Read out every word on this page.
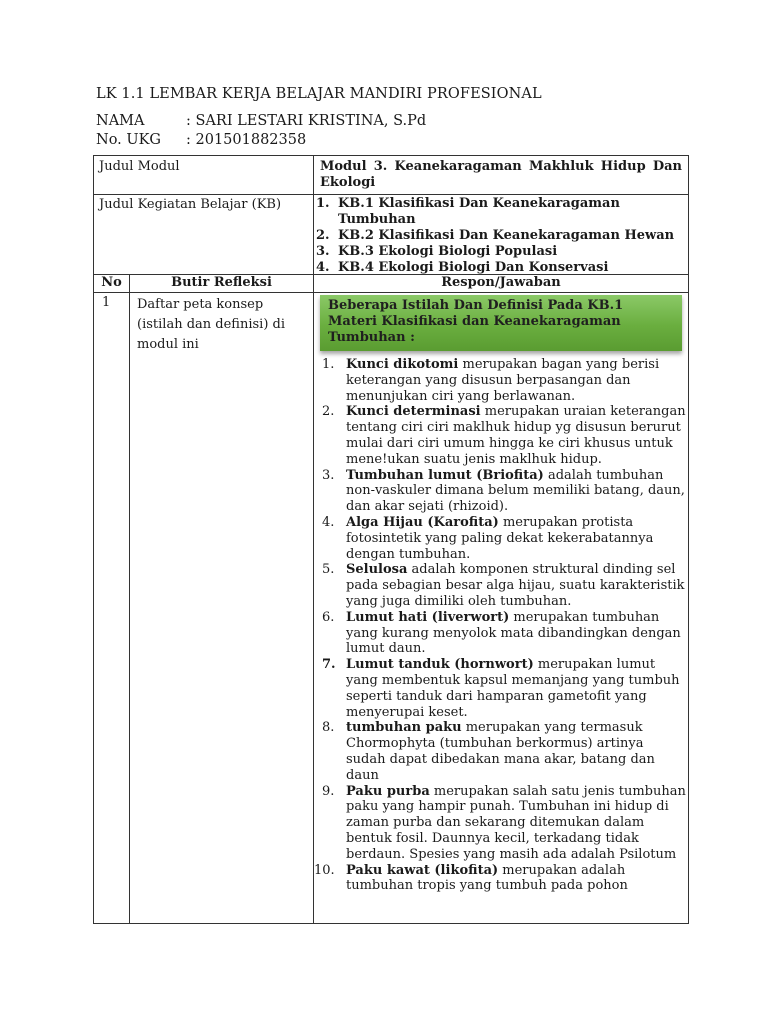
LK 1.1 LEMBAR KERJA BELAJAR MANDIRI PROFESIONAL
NAMA	: SARI LESTARI KRISTINA, S.Pd
No. UKG : 201501882358
Judul Modul	Modul 3. Keanekaragaman Makhluk Hidup Dan Ekologi
Judul Kegiatan Belajar (KB)	1. KB.1 Klasifikasi Dan Keanekaragaman Tumbuhan
2. KB.2 Klasifikasi Dan Keanekaragaman Hewan
3. KB.3 Ekologi Biologi Populasi
4. KB.4 Ekologi Biologi Dan Konservasi
No	Butir Refleksi	Respon/Jawaban
1	Daftar peta konsep (istilah dan definisi) di modul ini
Beberapa Istilah Dan Definisi Pada KB.1 Materi Klasifikasi dan Keanekaragaman Tumbuhan :
1. Kunci dikotomi merupakan bagan yang berisi keterangan yang disusun berpasangan dan menunjukan ciri yang berlawanan.
2. Kunci determinasi merupakan uraian keterangan tentang ciri ciri maklhuk hidup yg disusun berurut mulai dari ciri umum hingga ke ciri khusus untuk mene!ukan suatu jenis maklhuk hidup.
3. Tumbuhan lumut (Briofita) adalah tumbuhan non-vaskuler dimana belum memiliki batang, daun, dan akar sejati (rhizoid).
4. Alga Hijau (Karofita) merupakan protista fotosintetik yang paling dekat kekerabatannya dengan tumbuhan.
5. Selulosa adalah komponen struktural dinding sel pada sebagian besar alga hijau, suatu karakteristik yang juga dimiliki oleh tumbuhan.
6. Lumut hati (liverwort) merupakan tumbuhan yang kurang menyolok mata dibandingkan dengan lumut daun.
7. Lumut tanduk (hornwort) merupakan lumut yang membentuk kapsul memanjang yang tumbuh seperti tanduk dari hamparan gametofit yang menyerupai keset.
8. tumbuhan paku merupakan yang termasuk Chormophyta (tumbuhan berkormus) artinya sudah dapat dibedakan mana akar, batang dan daun
9. Paku purba merupakan salah satu jenis tumbuhan paku yang hampir punah. Tumbuhan ini hidup di zaman purba dan sekarang ditemukan dalam bentuk fosil. Daunnya kecil, terkadang tidak berdaun. Spesies yang masih ada adalah Psilotum
10. Paku kawat (likofita) merupakan adalah tumbuhan tropis yang tumbuh pada pohon
